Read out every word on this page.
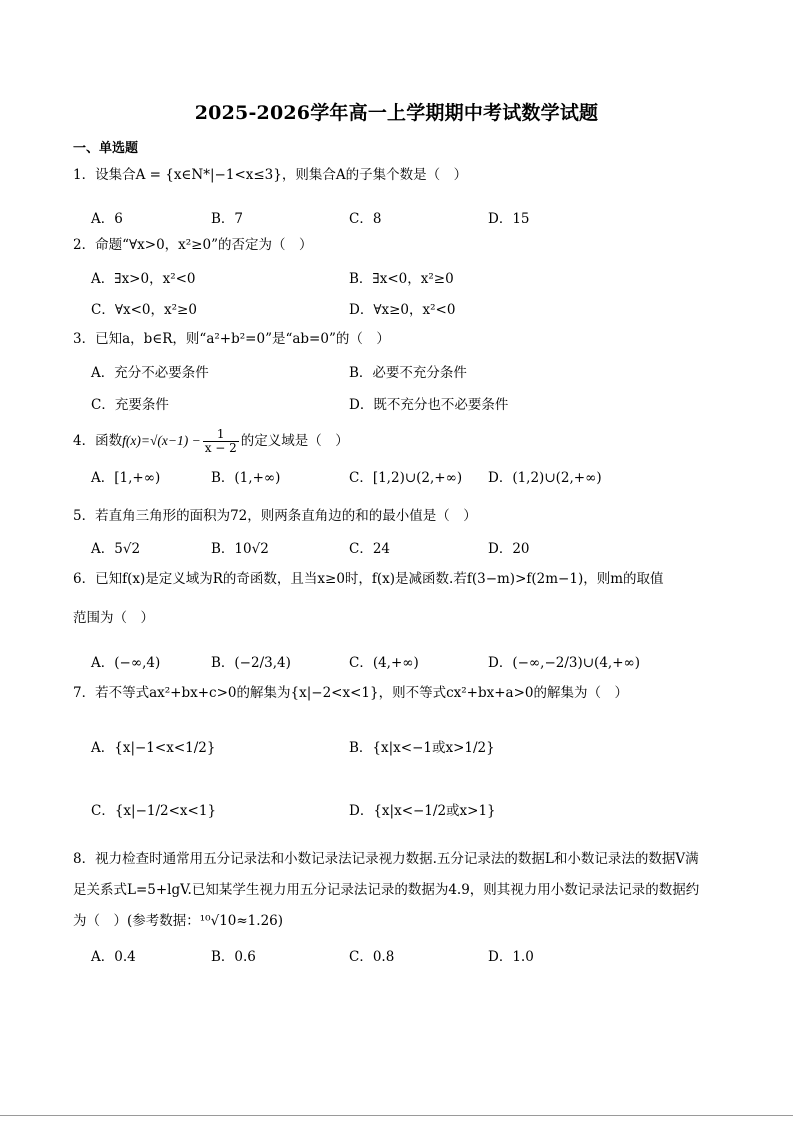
2025-2026学年高一上学期期中考试数学试题
一、单选题
1．设集合A = {x∈N*|−1<x≤3}，则集合A的子集个数是（　）
A．6	B．7	C．8	D．15
2．命题“∀x>0，x²≥0”的否定为（　）
A．∃x>0，x²<0	B．∃x<0，x²≥0
C．∀x<0，x²≥0	D．∀x≥0，x²<0
3．已知a，b∈R，则“a²+b²=0”是“ab=0”的（　）
A．充分不必要条件	B．必要不充分条件
C．充要条件	D．既不充分也不必要条件
4．函数$f(x)=√(x-1) - \frac{1}{x - 2}$ 的定义域是（　）
A．[1,+∞)	B．(1,+∞)	C．[1,2)∪(2,+∞) D．(1,2)∪(2,+∞)
5．若直角三角形的面积为72，则两条直角边的和的最小值是（　）
A．5√2	B．10√2	C．24	D．20
6．已知f(x)是定义域为R的奇函数，且当x≥0时，f(x)是减函数.若f(3−m)>f(2m−1)，则m的取值
范围为（　）
A．(−∞,4)	B．(−2/3,4)	C．(4,+∞)	D．(−∞,−2/3)∪(4,+∞)
7．若不等式ax²+bx+c>0的解集为{x|−2<x<1}，则不等式cx²+bx+a>0的解集为（　）
A．{x|−1<x<1/2}	B．{x|x<−1或x>1/2}
C．{x|−1/2<x<1}	D．{x|x<−1/2或x>1}
8．视力检查时通常用五分记录法和小数记录法记录视力数据.五分记录法的数据L和小数记录法的数据V满
足关系式L=5+lgV.已知某学生视力用五分记录法记录的数据为4.9，则其视力用小数记录法记录的数据约
为（　）(参考数据：¹⁰√10≈1.26)
A．0.4	B．0.6	C．0.8	D．1.0
